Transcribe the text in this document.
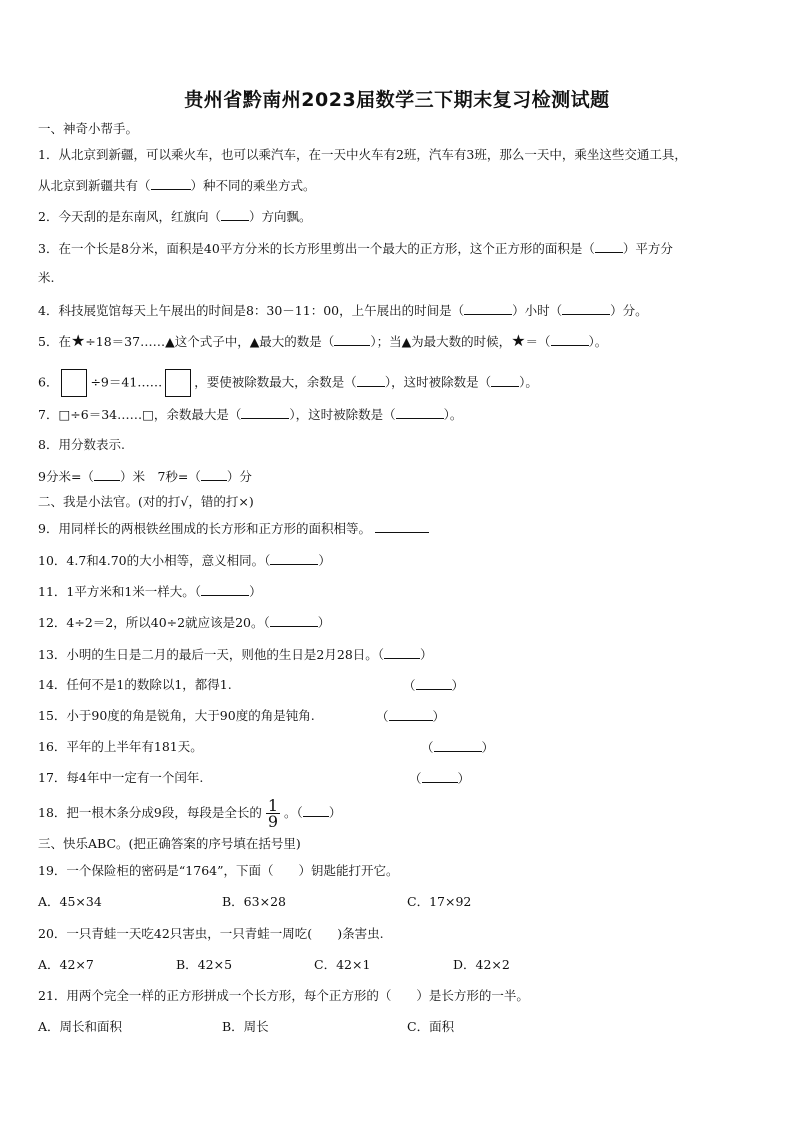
贵州省黔南州2023届数学三下期末复习检测试题
一、神奇小帮手。
1．从北京到新疆，可以乘火车，也可以乘汽车，在一天中火车有2班，汽车有3班，那么一天中，乘坐这些交通工具，
从北京到新疆共有（	）种不同的乘坐方式。
2．今天刮的是东南风，红旗向（ ）方向飘。
3．在一个长是8分米，面积是40平方分米的长方形里剪出一个最大的正方形，这个正方形的面积是（ ）平方分
米.
4．科技展览馆每天上午展出的时间是8：30－11：00，上午展出的时间是（	）小时（	）分。
5．在★÷18＝37……▲这个式子中，▲最大的数是（	）；当▲为最大数的时候，★＝（	）。
6．	÷9＝41……	，要使被除数最大，余数是（ ），这时被除数是（ ）。
7．□÷6＝34……□，余数最大是（	），这时被除数是（	）。
8．用分数表示.
9分米=（ ）米　7秒=（ ）分
二、我是小法官。(对的打√，错的打×)
9．用同样长的两根铁丝围成的长方形和正方形的面积相等。
10．4.7和4.70的大小相等，意义相同。（	）
11．1平方米和1米一样大。（	）
12．4÷2＝2，所以40÷2就应该是20。（	）
13．小明的生日是二月的最后一天，则他的生日是2月28日。（	）
14．任何不是1的数除以1，都得1.	（	）
15．小于90度的角是锐角，大于90度的角是钝角.	（	）
16．平年的上半年有181天。	（	）
17．每4年中一定有一个闰年.	（	）
18．把一根木条分成9段，每段是全长的 $\frac{1}{9}$ 。（ ）
三、快乐ABC。(把正确答案的序号填在括号里)
19．一个保险柜的密码是“1764”，下面（　　）钥匙能打开它。
A．45×34	B．63×28	C．17×92
20．一只青蛙一天吃42只害虫，一只青蛙一周吃(　　)条害虫.
A．42×7	B．42×5	C．42×1	D．42×2
21．用两个完全一样的正方形拼成一个长方形，每个正方形的（　　）是长方形的一半。
A．周长和面积	B．周长	C．面积
